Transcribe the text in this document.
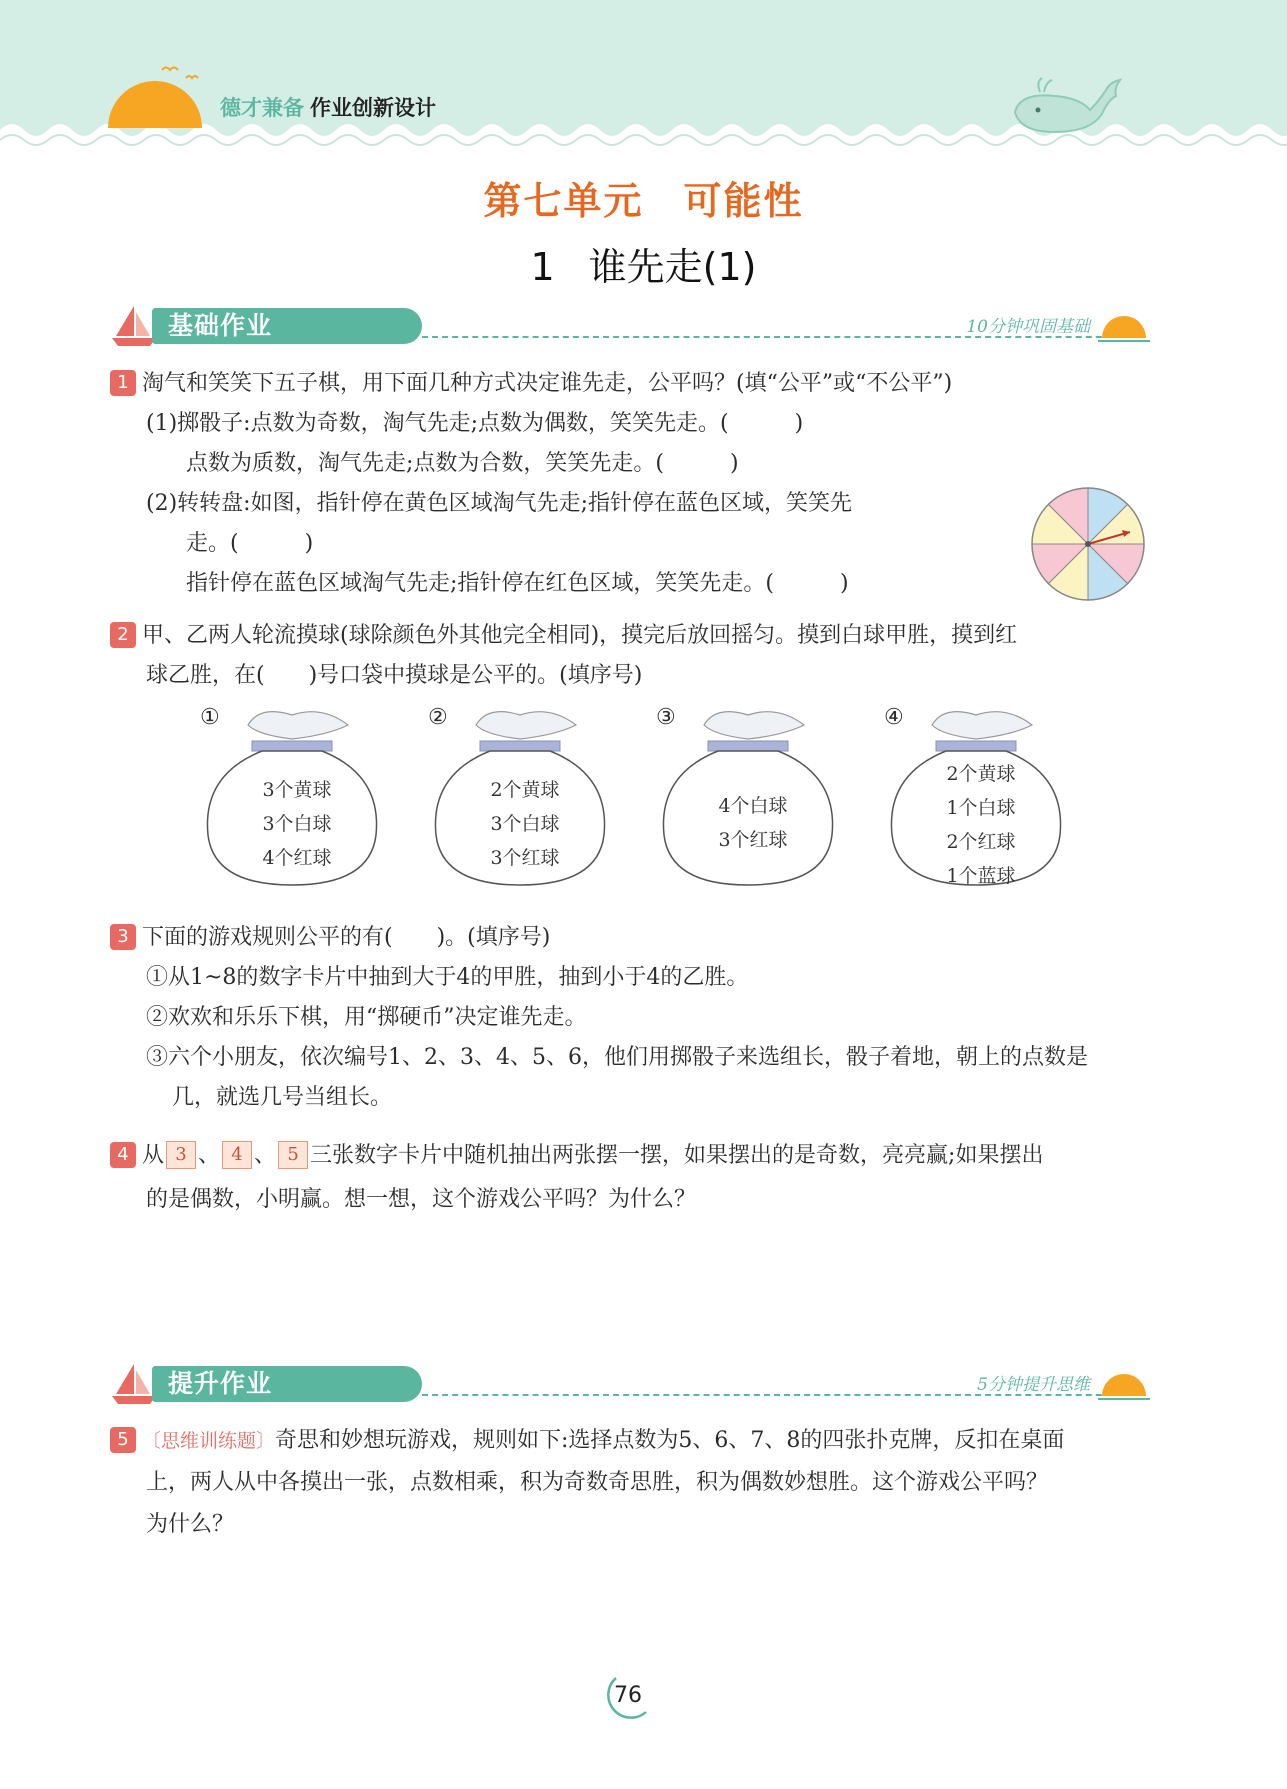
德才兼备 作业创新设计
第七单元 可能性
1 谁先走(1)
基础作业	10分钟巩固基础

1 淘气和笑笑下五子棋，用下面几种方式决定谁先走，公平吗？(填“公平”或“不公平”)

(1)掷骰子:点数为奇数，淘气先走;点数为偶数，笑笑先走。(　　　)

点数为质数，淘气先走;点数为合数，笑笑先走。(　　　)

(2)转转盘:如图，指针停在黄色区域淘气先走;指针停在蓝色区域，笑笑先

走。(　　　)

指针停在蓝色区域淘气先走;指针停在红色区域，笑笑先走。(　　　)

2 甲、乙两人轮流摸球(球除颜色外其他完全相同)，摸完后放回摇匀。摸到白球甲胜，摸到红

球乙胜，在(　　)号口袋中摸球是公平的。(填序号)

①
3个黄球
3个白球
4个红球
②
2个黄球
3个白球
3个红球
③
4个白球
3个红球
④
2个黄球
1个白球
2个红球
1个蓝球

3 下面的游戏规则公平的有(　　)。(填序号)

①从1~8的数字卡片中抽到大于4的甲胜，抽到小于4的乙胜。

②欢欢和乐乐下棋，用“掷硬币”决定谁先走。

③六个小朋友，依次编号1、2、3、4、5、6，他们用掷骰子来选组长，骰子着地，朝上的点数是

几，就选几号当组长。

4 从 3 、 4 、 5 三张数字卡片中随机抽出两张摆一摆，如果摆出的是奇数，亮亮赢;如果摆出

的是偶数，小明赢。想一想，这个游戏公平吗？为什么？

提升作业	5分钟提升思维

5 〔思维训练题〕奇思和妙想玩游戏，规则如下:选择点数为5、6、7、8的四张扑克牌，反扣在桌面

上，两人从中各摸出一张，点数相乘，积为奇数奇思胜，积为偶数妙想胜。这个游戏公平吗？

为什么？

76
